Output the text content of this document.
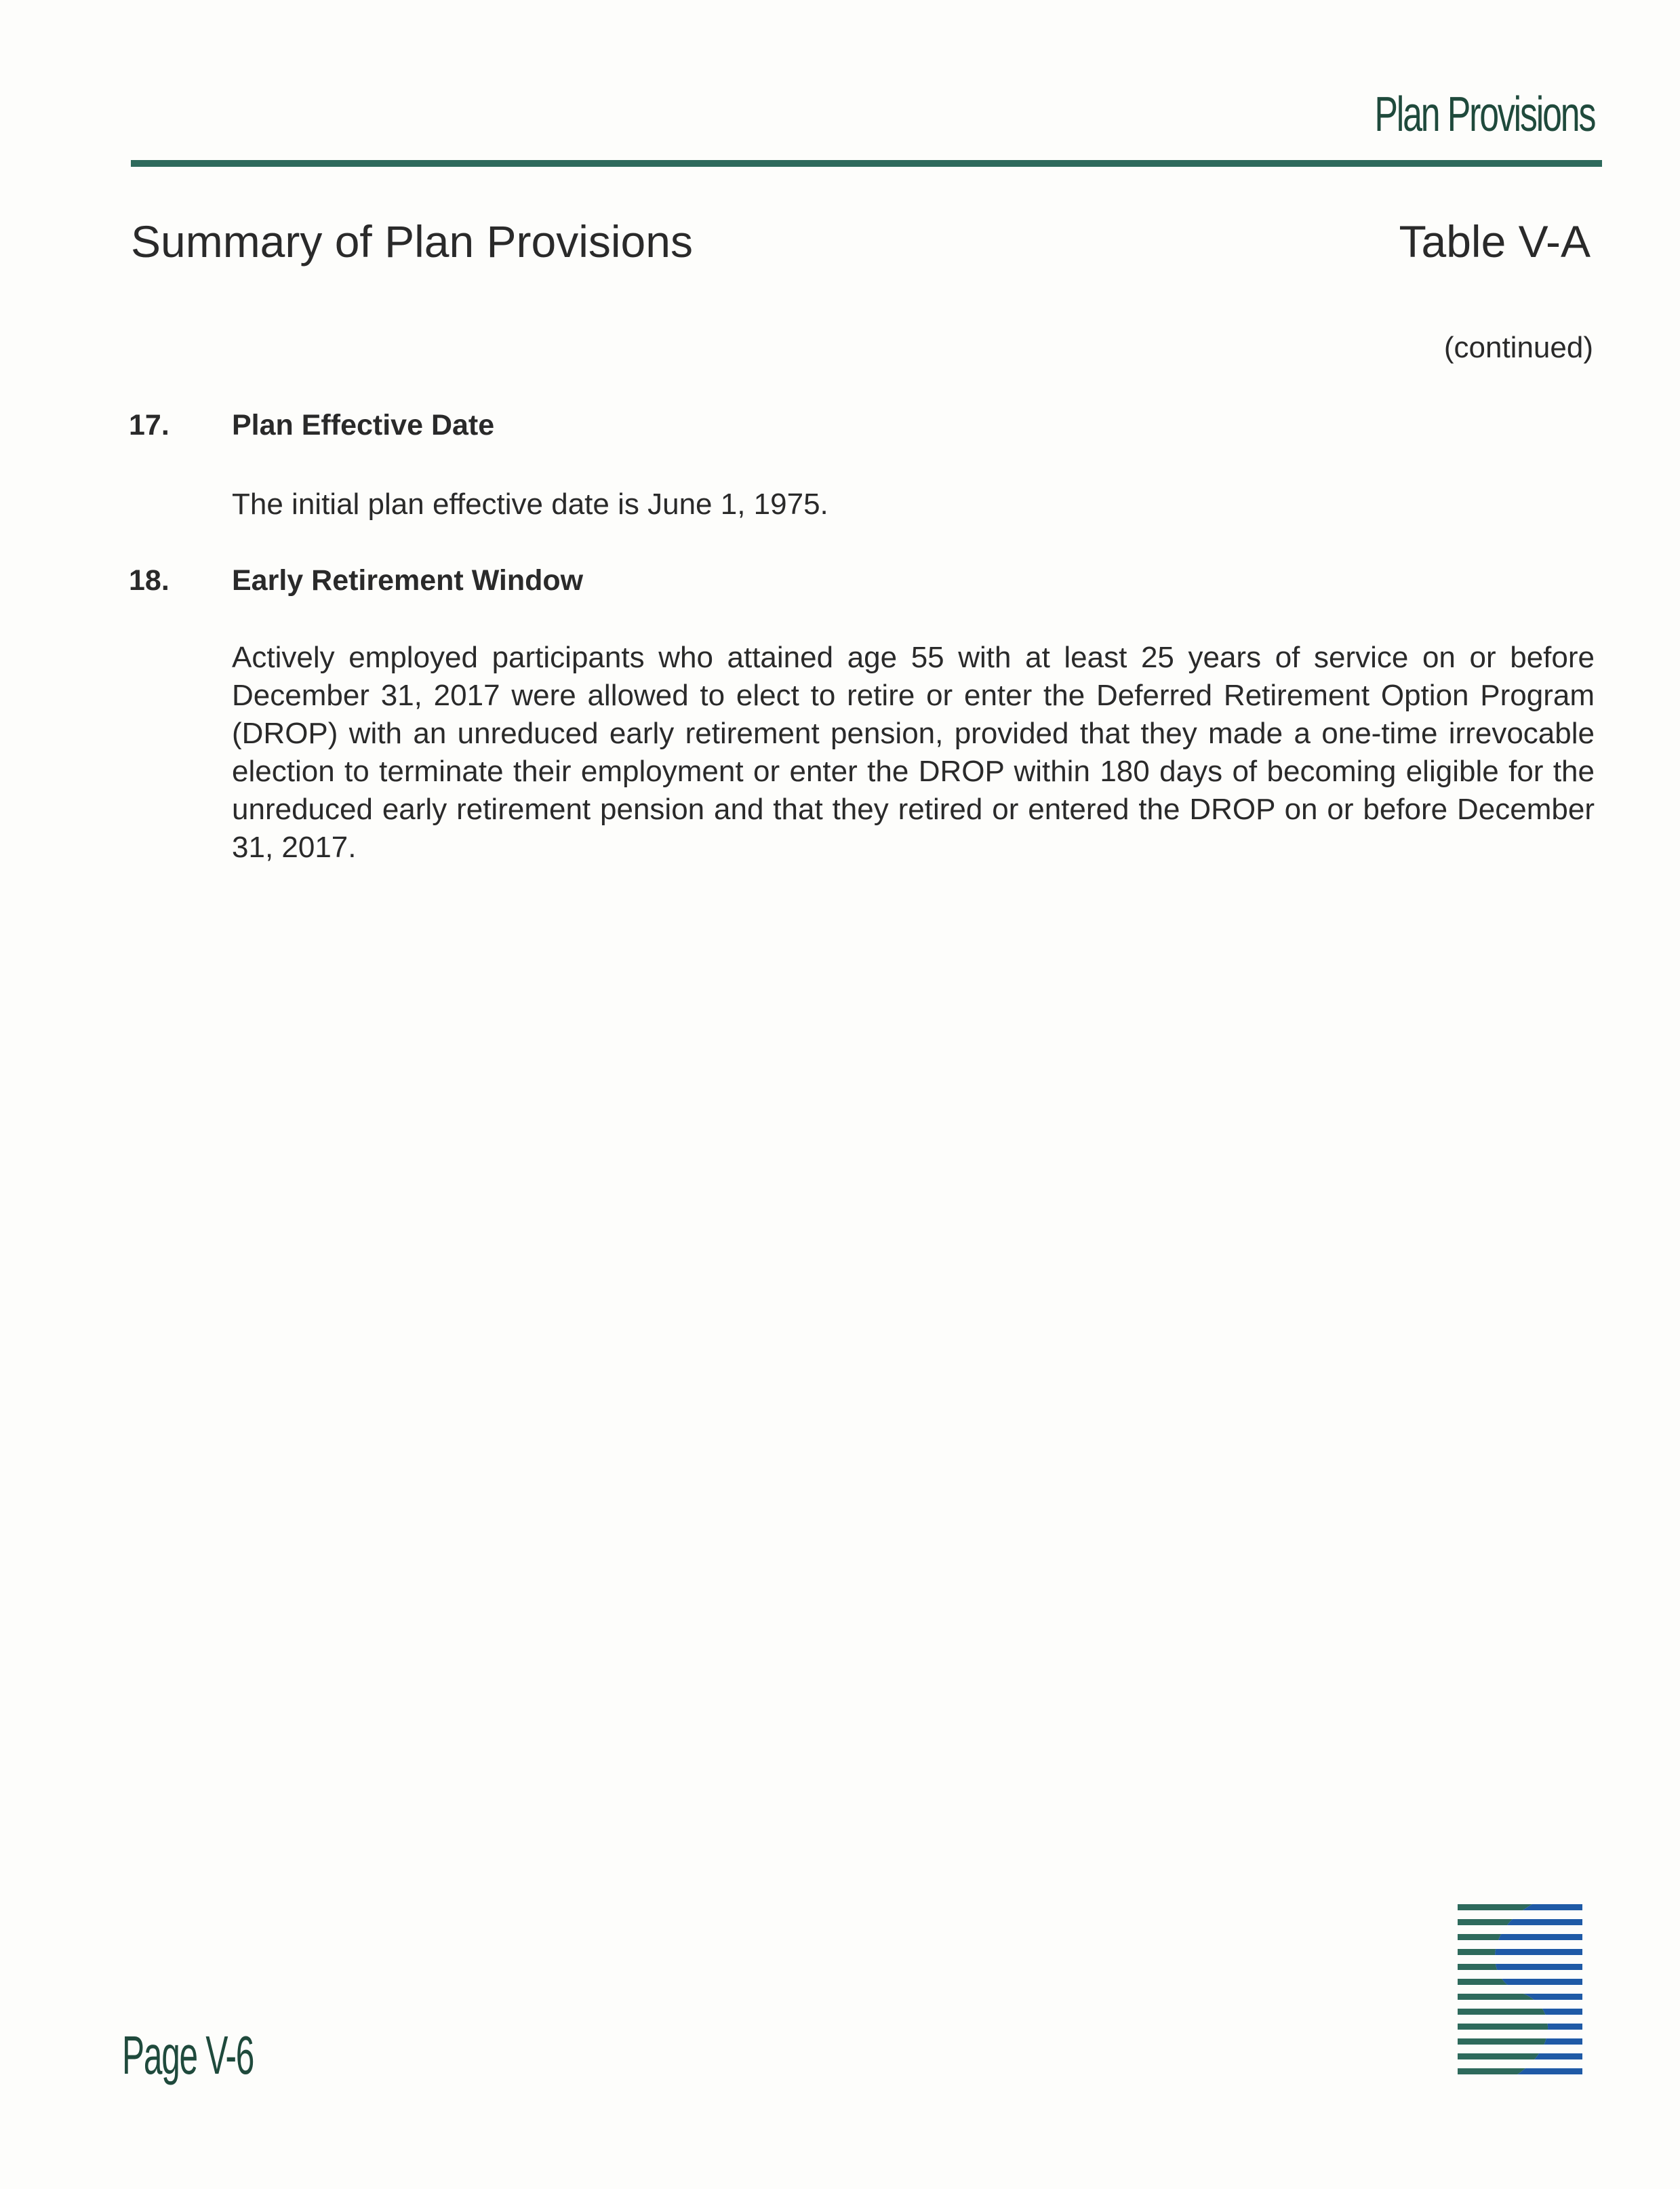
Plan Provisions
Summary of Plan Provisions	Table V-A
(continued)
17. Plan Effective Date
The initial plan effective date is June 1, 1975.
18. Early Retirement Window
Actively employed participants who attained age 55 with at least 25 years of service on or before December 31, 2017 were allowed to elect to retire or enter the Deferred Retirement Option Program (DROP) with an unreduced early retirement pension, provided that they made a one-time irrevocable election to terminate their employment or enter the DROP within 180 days of becoming eligible for the unreduced early retirement pension and that they retired or entered the DROP on or before December 31, 2017.
Page V-6
